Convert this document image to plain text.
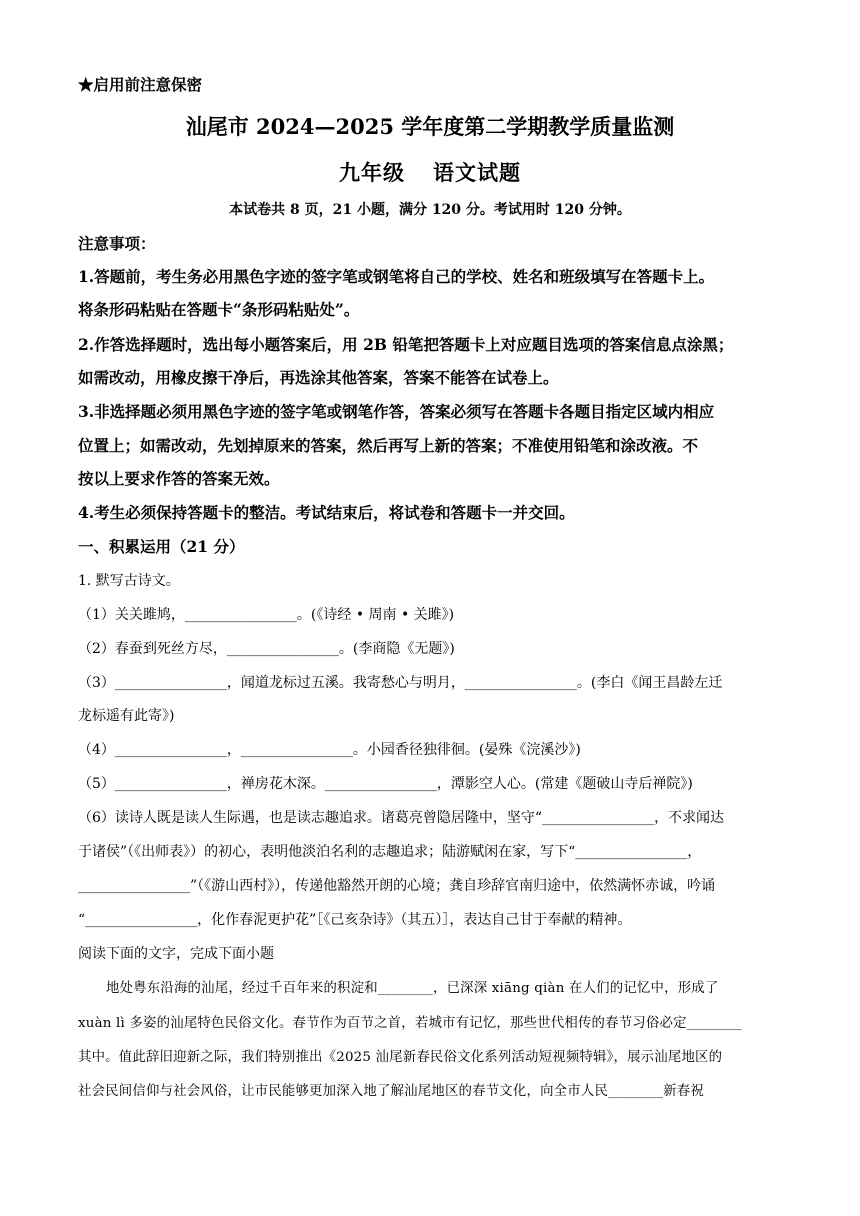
★启用前注意保密
汕尾市 2024—2025 学年度第二学期教学质量监测
九年级 语文试题
本试卷共 8 页，21 小题，满分 120 分。考试用时 120 分钟。
注意事项：
1.答题前，考生务必用黑色字迹的签字笔或钢笔将自己的学校、姓名和班级填写在答题卡上。
将条形码粘贴在答题卡“条形码粘贴处”。
2.作答选择题时，选出每小题答案后，用 2B 铅笔把答题卡上对应题目选项的答案信息点涂黑；
如需改动，用橡皮擦干净后，再选涂其他答案，答案不能答在试卷上。
3.非选择题必须用黑色字迹的签字笔或钢笔作答，答案必须写在答题卡各题目指定区域内相应
位置上；如需改动，先划掉原来的答案，然后再写上新的答案；不准使用铅笔和涂改液。不
按以上要求作答的答案无效。
4.考生必须保持答题卡的整洁。考试结束后，将试卷和答题卡一并交回。
一、积累运用（21 分）
1. 默写古诗文。
（1）关关雎鸠，________________。(《诗经 • 周南 • 关雎》)
（2）春蚕到死丝方尽，________________。(李商隐《无题》)
（3）________________，闻道龙标过五溪。我寄愁心与明月，________________。(李白《闻王昌龄左迁
龙标遥有此寄》)
（4）________________，________________。小园香径独徘徊。(晏殊《浣溪沙》)
（5）________________，禅房花木深。________________，潭影空人心。(常建《题破山寺后禅院》)
（6）读诗人既是读人生际遇，也是读志趣追求。诸葛亮曾隐居隆中，坚守“________________，不求闻达
于诸侯”（《出师表》）的初心，表明他淡泊名利的志趣追求；陆游赋闲在家，写下“________________，
________________”（《游山西村》），传递他豁然开朗的心境；龚自珍辞官南归途中，依然满怀赤诚，吟诵
“________________，化作春泥更护花”［《己亥杂诗》（其五）］，表达自己甘于奉献的精神。
阅读下面的文字，完成下面小题
地处粤东沿海的汕尾，经过千百年来的积淀和________，已深深 xiāng qiàn 在人们的记忆中，形成了
xuàn lì 多姿的汕尾特色民俗文化。春节作为百节之首，若城市有记忆，那些世代相传的春节习俗必定________
其中。值此辞旧迎新之际，我们特别推出《2025 汕尾新春民俗文化系列活动短视频特辑》，展示汕尾地区的
社会民间信仰与社会风俗，让市民能够更加深入地了解汕尾地区的春节文化，向全市人民________新春祝
